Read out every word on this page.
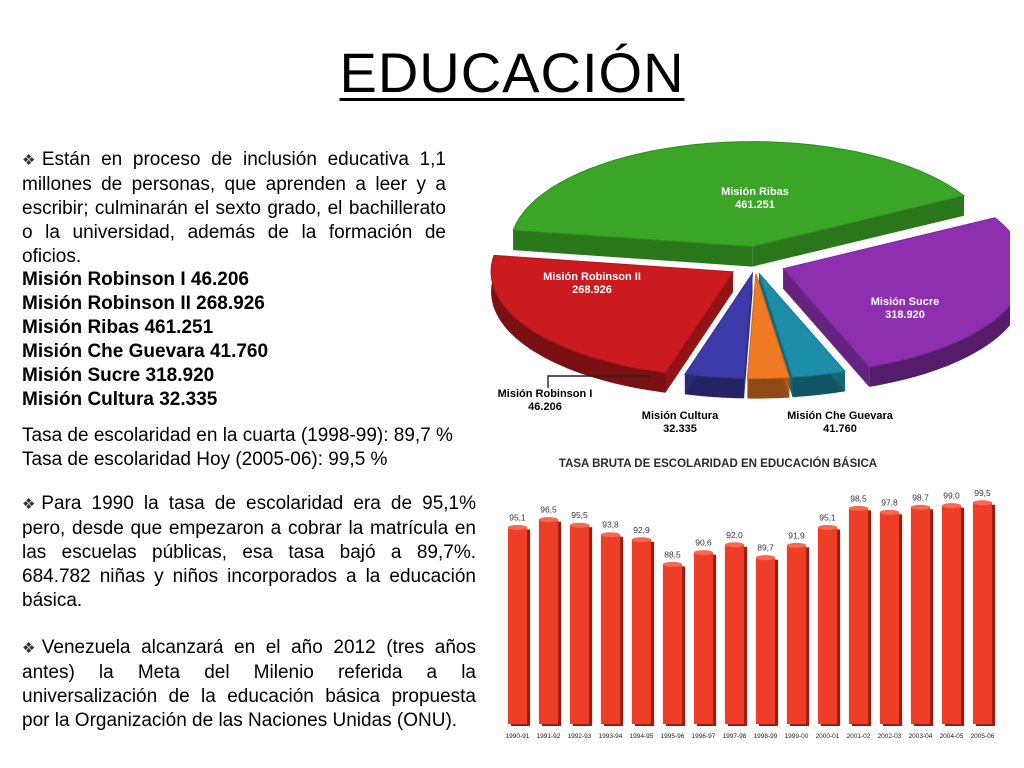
EDUCACIÓN
❖Están en proceso de inclusión educativa 1,1 millones de personas, que aprenden a leer y a escribir; culminarán el sexto grado, el bachillerato o la universidad, además de la formación de oficios.
Misión Robinson I 46.206
Misión Robinson II 268.926
Misión Ribas 461.251
Misión Che Guevara 41.760
Misión Sucre 318.920
Misión Cultura 32.335
Tasa de escolaridad en la cuarta (1998-99): 89,7 %
Tasa de escolaridad Hoy (2005-06): 99,5 %
❖Para 1990 la tasa de escolaridad era de 95,1% pero, desde que empezaron a cobrar la matrícula en las escuelas públicas, esa tasa bajó a 89,7%. 684.782 niñas y niños incorporados a la educación básica.
❖Venezuela alcanzará en el año 2012 (tres años antes) la Meta del Milenio referida a la universalización de la educación básica propuesta por la Organización de las Naciones Unidas (ONU).
Misión Ribas
461.251
Misión Sucre
318.920
Misión Che Guevara
41.760
Misión Cultura
32.335
Misión Robinson I
46.206
Misión Robinson II
268.926
TASA BRUTA DE ESCOLARIDAD EN EDUCACIÓN BÁSICA
95,1
1990-91
96,5
1991-92
95,5
1992-93
93,8
1993-94
92,9
1994-95
88,5
1995-96
90,6
1996-97
92,0
1997-98
89,7
1998-99
91,9
1999-00
95,1
2000-01
98,5
2001-02
97,8
2002-03
98,7
2003-04
99,0
2004-05
99,5
2005-06
